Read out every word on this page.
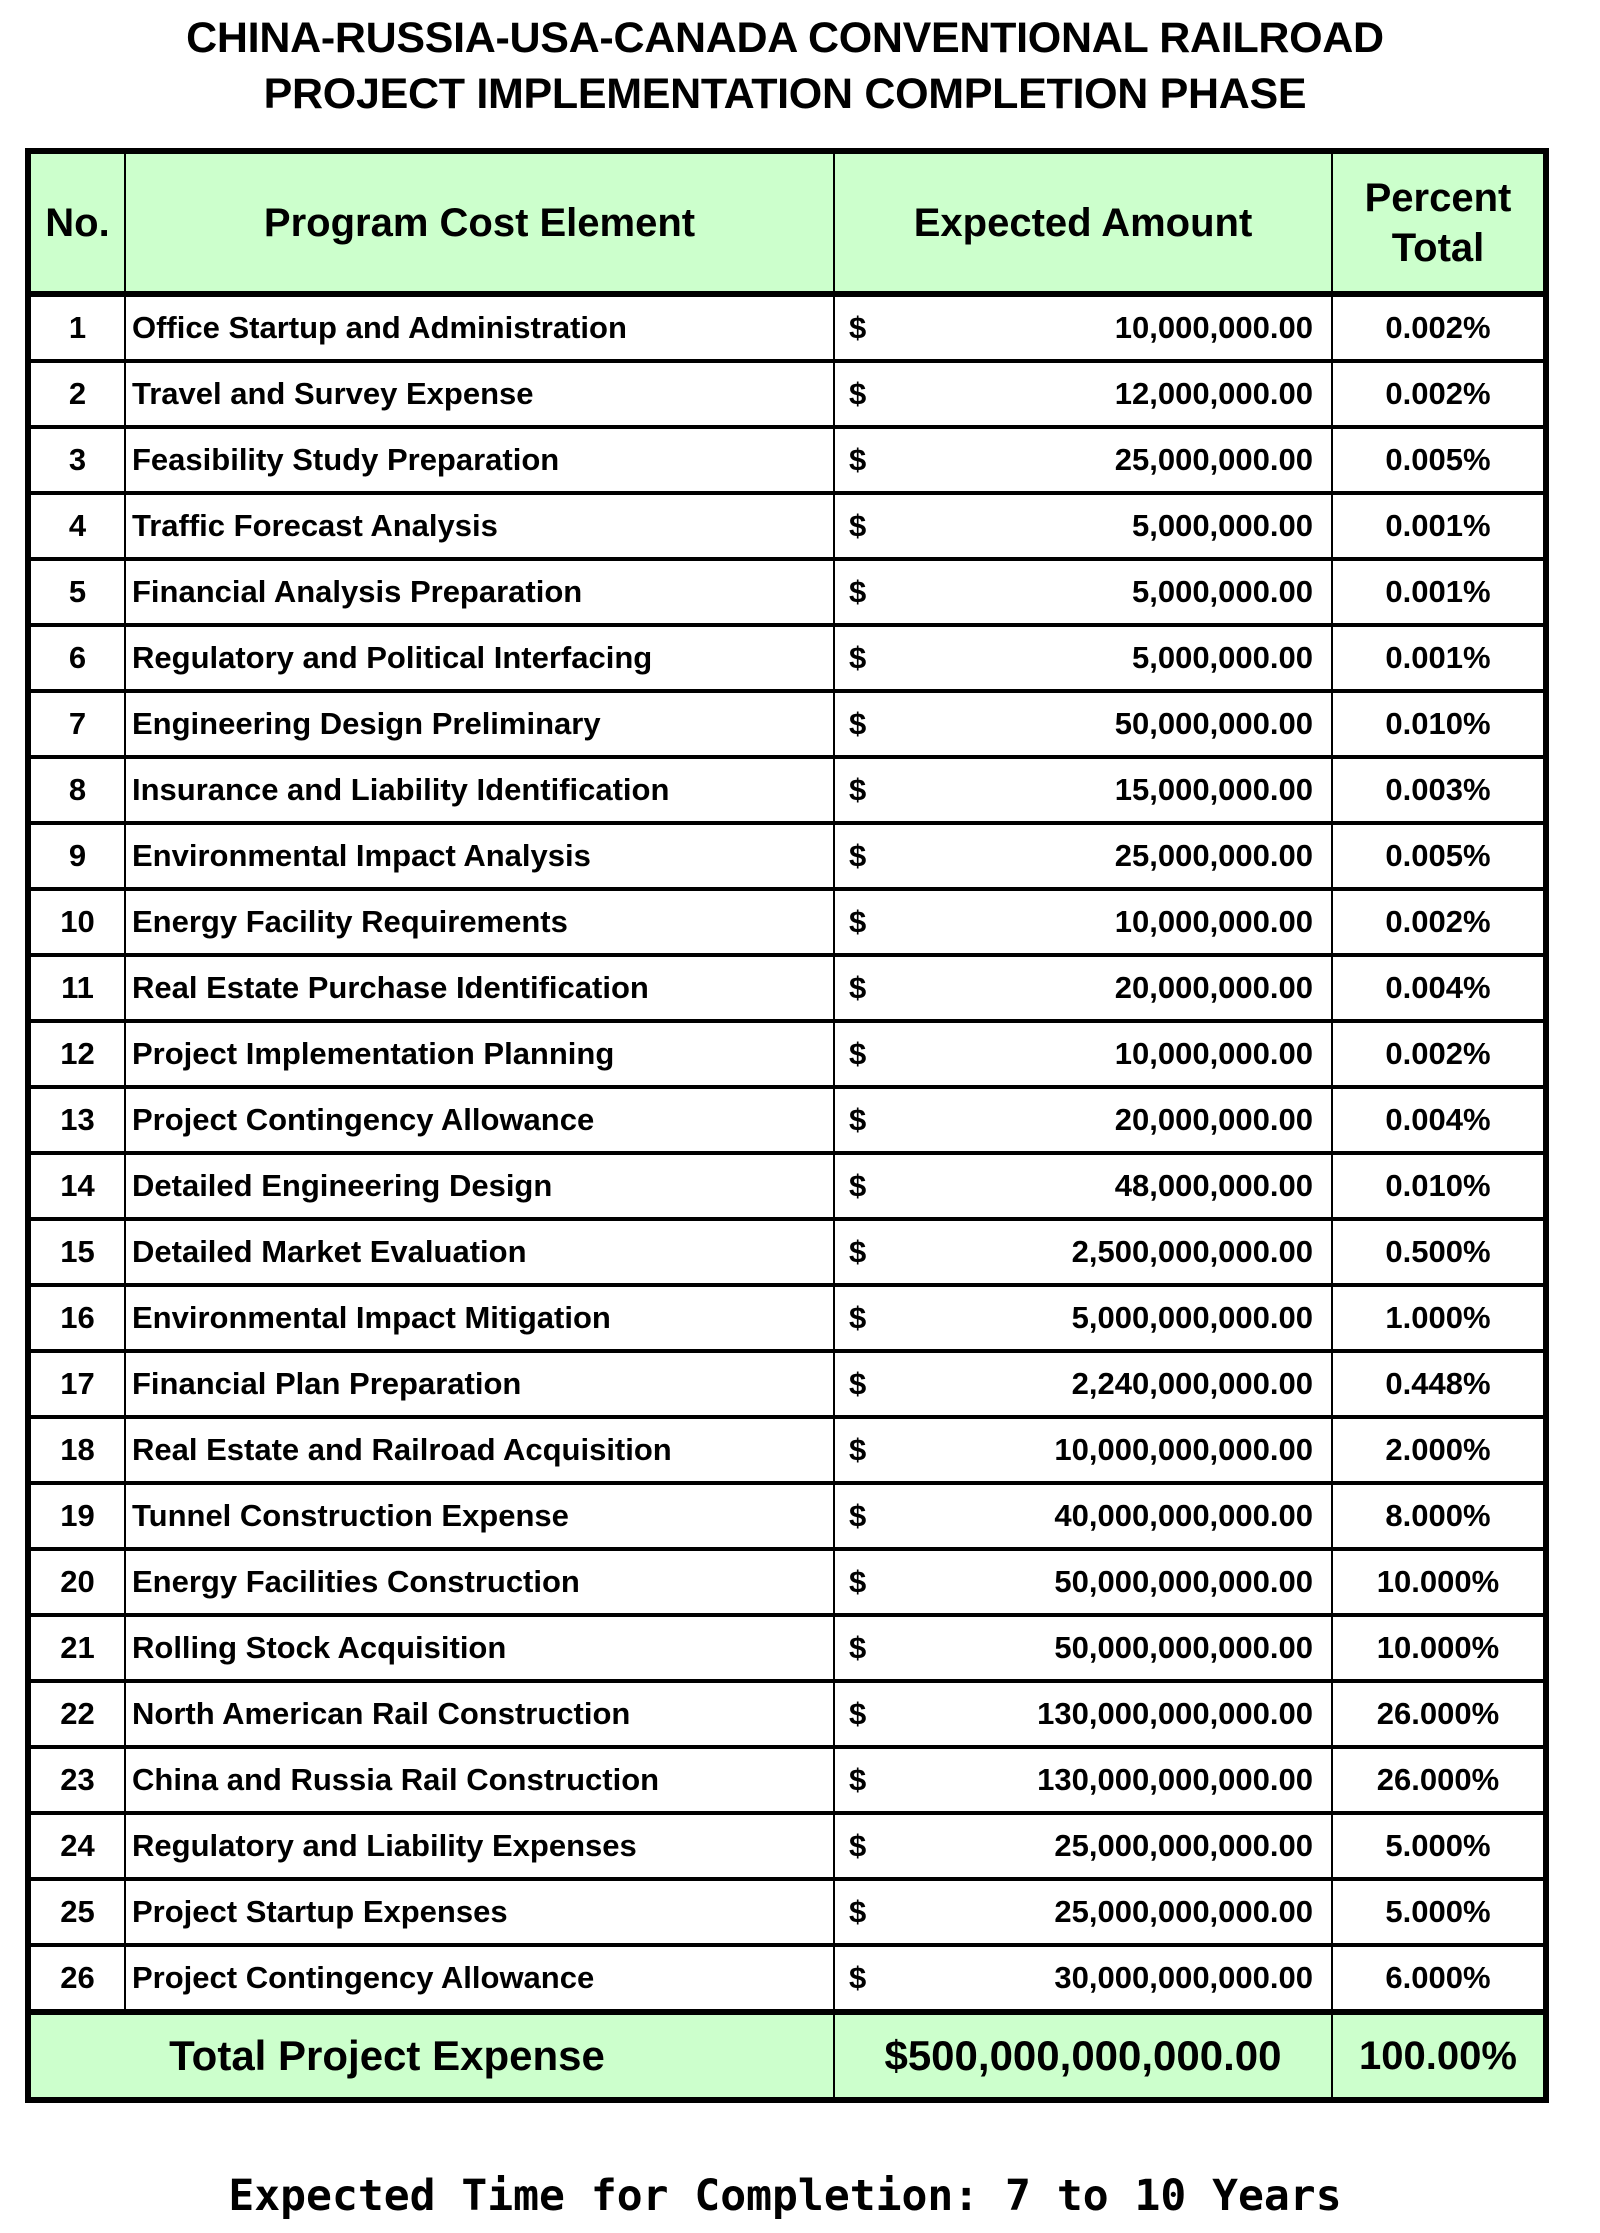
CHINA-RUSSIA-USA-CANADA CONVENTIONAL RAILROAD
PROJECT IMPLEMENTATION COMPLETION PHASE
No.	Program Cost Element	Expected Amount		Percent Total
1	Office Startup and Administration	$	10,000,000.00	0.002%
2	Travel and Survey Expense	$	12,000,000.00	0.002%
3	Feasibility Study Preparation	$	25,000,000.00	0.005%
4	Traffic Forecast Analysis	$	5,000,000.00	0.001%
5	Financial Analysis Preparation	$	5,000,000.00	0.001%
6	Regulatory and Political Interfacing	$	5,000,000.00	0.001%
7	Engineering Design Preliminary	$	50,000,000.00	0.010%
8	Insurance and Liability Identification	$	15,000,000.00	0.003%
9	Environmental Impact Analysis	$	25,000,000.00	0.005%
10	Energy Facility Requirements	$	10,000,000.00	0.002%
11	Real Estate Purchase Identification	$	20,000,000.00	0.004%
12	Project Implementation Planning	$	10,000,000.00	0.002%
13	Project Contingency Allowance	$	20,000,000.00	0.004%
14	Detailed Engineering Design	$	48,000,000.00	0.010%
15	Detailed Market Evaluation	$	2,500,000,000.00	0.500%
16	Environmental Impact Mitigation	$	5,000,000,000.00	1.000%
17	Financial Plan Preparation	$	2,240,000,000.00	0.448%
18	Real Estate and Railroad Acquisition	$	10,000,000,000.00	2.000%
19	Tunnel Construction Expense	$	40,000,000,000.00	8.000%
20	Energy Facilities Construction	$	50,000,000,000.00	10.000%
21	Rolling Stock Acquisition	$	50,000,000,000.00	10.000%
22	North American Rail Construction	$	130,000,000,000.00	26.000%
23	China and Russia Rail Construction	$	130,000,000,000.00	26.000%
24	Regulatory and Liability Expenses	$	25,000,000,000.00	5.000%
25	Project Startup Expenses	$	25,000,000,000.00	5.000%
26	Project Contingency Allowance	$	30,000,000,000.00	6.000%
Total Project Expense		$500,000,000,000.00		100.00%
Expected Time for Completion: 7 to 10 Years
